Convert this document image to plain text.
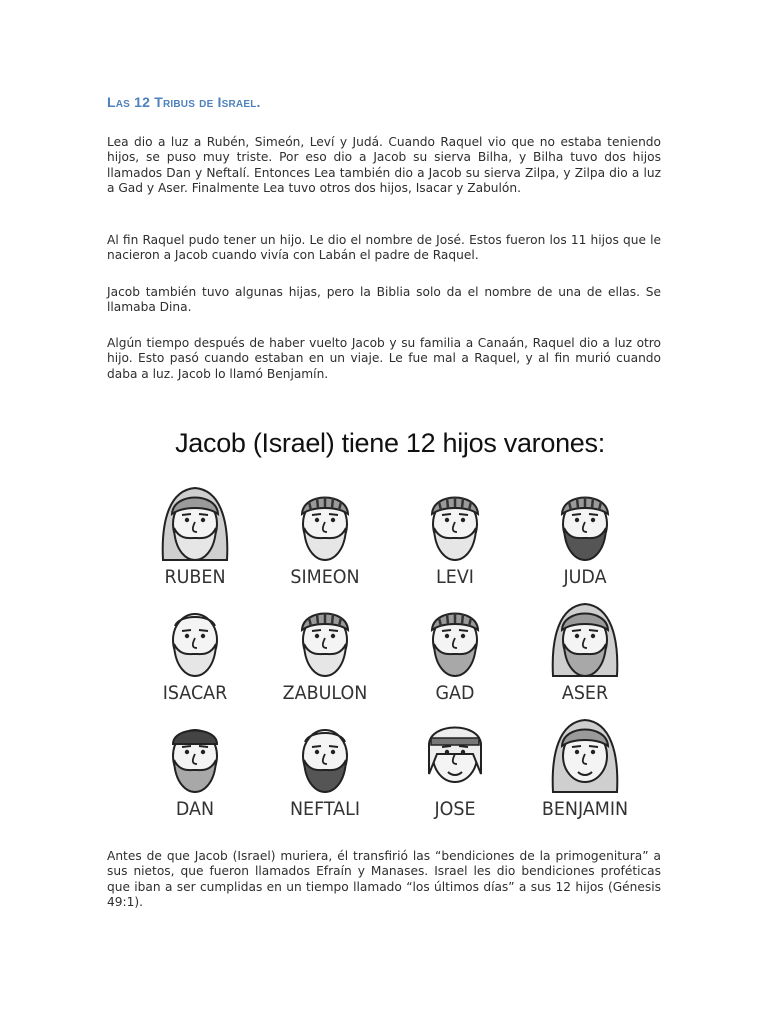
Las 12 Tribus de Israel.

Lea dio a luz a Rubén, Simeón, Leví y Judá. Cuando Raquel vio que no estaba teniendo hijos, se puso muy triste. Por eso dio a Jacob su sierva Bilha, y Bilha tuvo dos hijos llamados Dan y Neftalí. Entonces Lea también dio a Jacob su sierva Zilpa, y Zilpa dio a luz a Gad y Aser. Finalmente Lea tuvo otros dos hijos, Isacar y Zabulón.

Al fin Raquel pudo tener un hijo. Le dio el nombre de José. Estos fueron los 11 hijos que le nacieron a Jacob cuando vivía con Labán el padre de Raquel.

Jacob también tuvo algunas hijas, pero la Biblia solo da el nombre de una de ellas. Se llamaba Dina.

Algún tiempo después de haber vuelto Jacob y su familia a Canaán, Raquel dio a luz otro hijo. Esto pasó cuando estaban en un viaje. Le fue mal a Raquel, y al fin murió cuando daba a luz. Jacob lo llamó Benjamín.

Jacob (Israel) tiene 12 hijos varones:
RUBEN	SIMEON	LEVI	JUDA
ISACAR	ZABULON	GAD	ASER
DAN	NEFTALI	JOSE	BENJAMIN

Antes de que Jacob (Israel) muriera, él transfirió las “bendiciones de la primogenitura” a sus nietos, que fueron llamados Efraín y Manases. Israel les dio bendiciones proféticas que iban a ser cumplidas en un tiempo llamado “los últimos días” a sus 12 hijos (Génesis 49:1).
